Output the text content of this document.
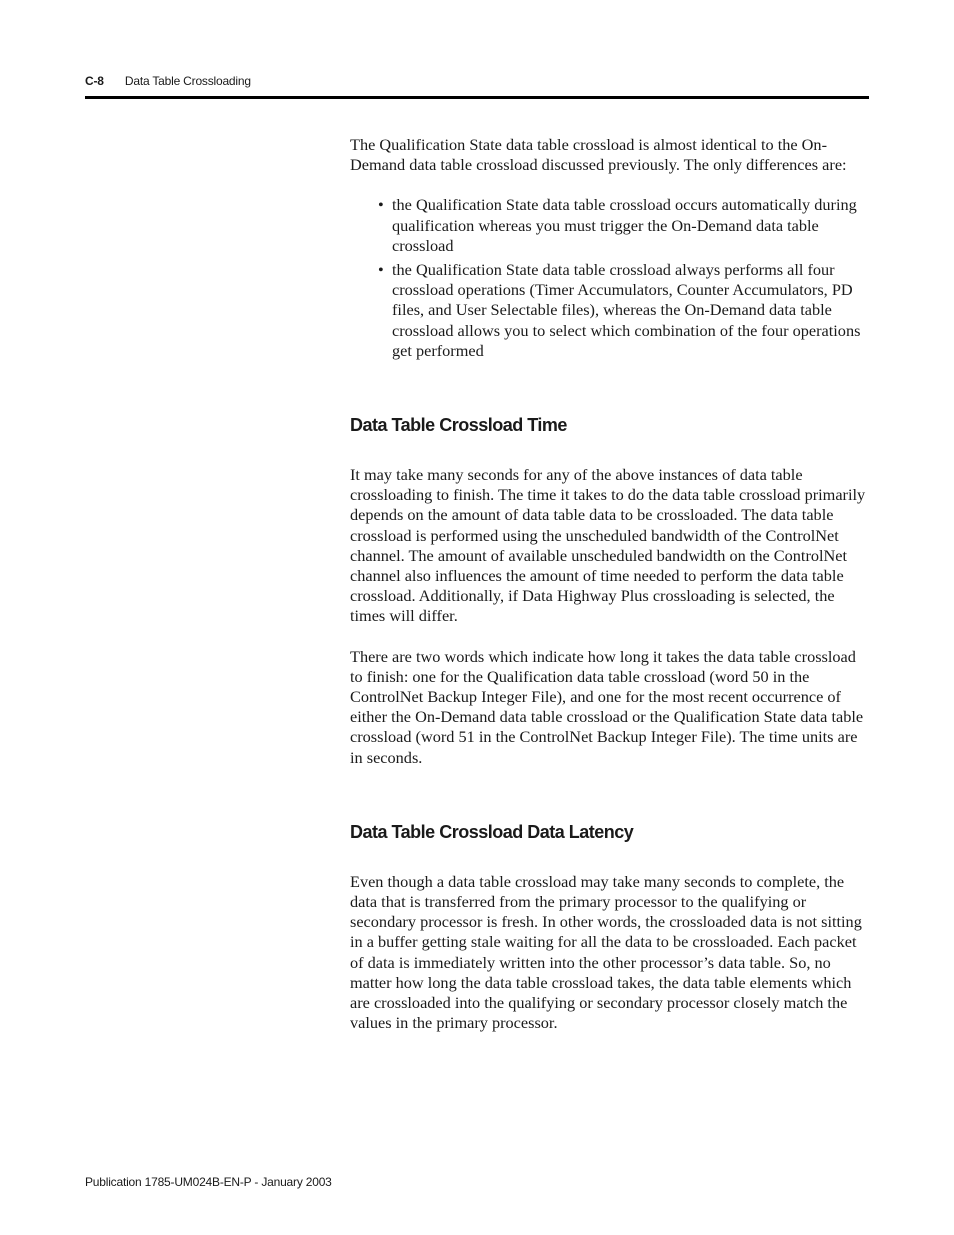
C-8 Data Table Crossloading

The Qualification State data table crossload is almost identical to the On-Demand data table crossload discussed previously. The only differences are:

• the Qualification State data table crossload occurs automatically during qualification whereas you must trigger the On-Demand data table crossload
• the Qualification State data table crossload always performs all four crossload operations (Timer Accumulators, Counter Accumulators, PD files, and User Selectable files), whereas the On-Demand data table crossload allows you to select which combination of the four operations get performed
Data Table Crossload Time

It may take many seconds for any of the above instances of data table crossloading to finish. The time it takes to do the data table crossload primarily depends on the amount of data table data to be crossloaded. The data table crossload is performed using the unscheduled bandwidth of the ControlNet channel. The amount of available unscheduled bandwidth on the ControlNet channel also influences the amount of time needed to perform the data table crossload. Additionally, if Data Highway Plus crossloading is selected, the times will differ.

There are two words which indicate how long it takes the data table crossload to finish: one for the Qualification data table crossload (word 50 in the ControlNet Backup Integer File), and one for the most recent occurrence of either the On-Demand data table crossload or the Qualification State data table crossload (word 51 in the ControlNet Backup Integer File). The time units are in seconds.

Data Table Crossload Data Latency

Even though a data table crossload may take many seconds to complete, the data that is transferred from the primary processor to the qualifying or secondary processor is fresh. In other words, the crossloaded data is not sitting in a buffer getting stale waiting for all the data to be crossloaded. Each packet of data is immediately written into the other processor’s data table. So, no matter how long the data table crossload takes, the data table elements which are crossloaded into the qualifying or secondary processor closely match the values in the primary processor.

Publication 1785-UM024B-EN-P - January 2003
